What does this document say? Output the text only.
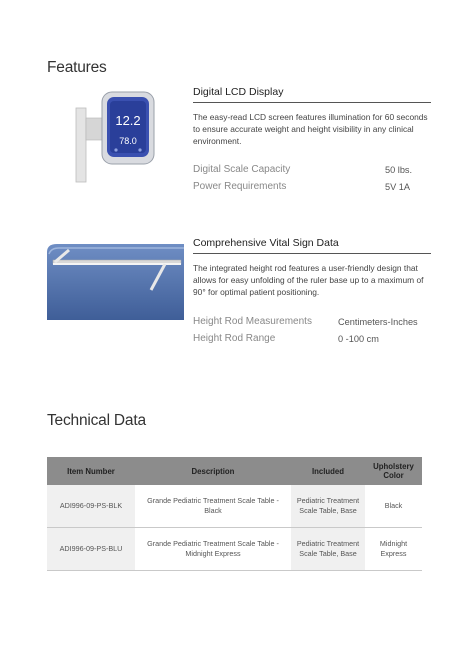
Features
12.2
78.0
Digital LCD Display
The easy-read LCD screen features illumination for 60 seconds to ensure accurate weight and height visibility in any clinical environment.
Digital Scale Capacity	50 lbs.
Power Requirements	5V 1A
Comprehensive Vital Sign Data
The integrated height rod features a user-friendly design that allows for easy unfolding of the ruler base up to a maximum of 90° for optimal patient positioning.
Height Rod Measurements	Centimeters-Inches
Height Rod Range	0 -100 cm
Technical Data
Item Number	Description	Included	Upholstery Color
ADI996-09-PS-BLK	Grande Pediatric Treatment Scale Table - Black	Pediatric Treatment Scale Table, Base	Black
ADI996-09-PS-BLU	Grande Pediatric Treatment Scale Table - Midnight Express	Pediatric Treatment Scale Table, Base	Midnight Express
